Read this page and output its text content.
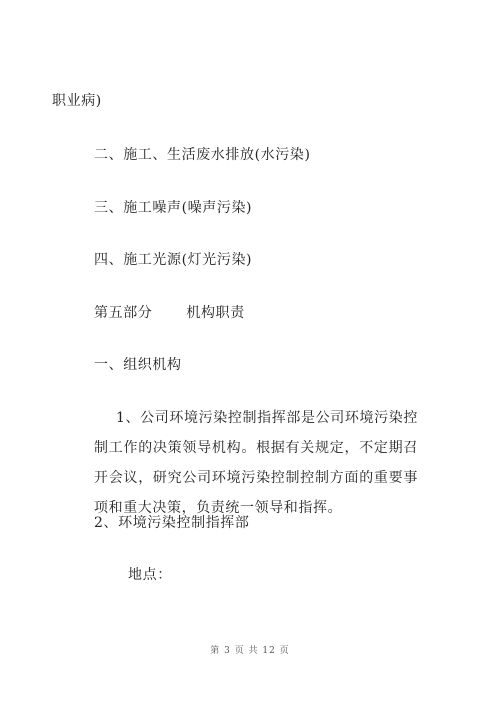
职业病)
二、施工、生活废水排放(水污染)
三、施工噪声(噪声污染)
四、施工光源(灯光污染)
第五部分 机构职责
一、组织机构
1、公司环境污染控制指挥部是公司环境污染控制工作的决策领导机构。根据有关规定，不定期召开会议，研究公司环境污染控制控制方面的重要事项和重大决策，负责统一领导和指挥。
2、环境污染控制指挥部
地点：
第 3 页 共 12 页
